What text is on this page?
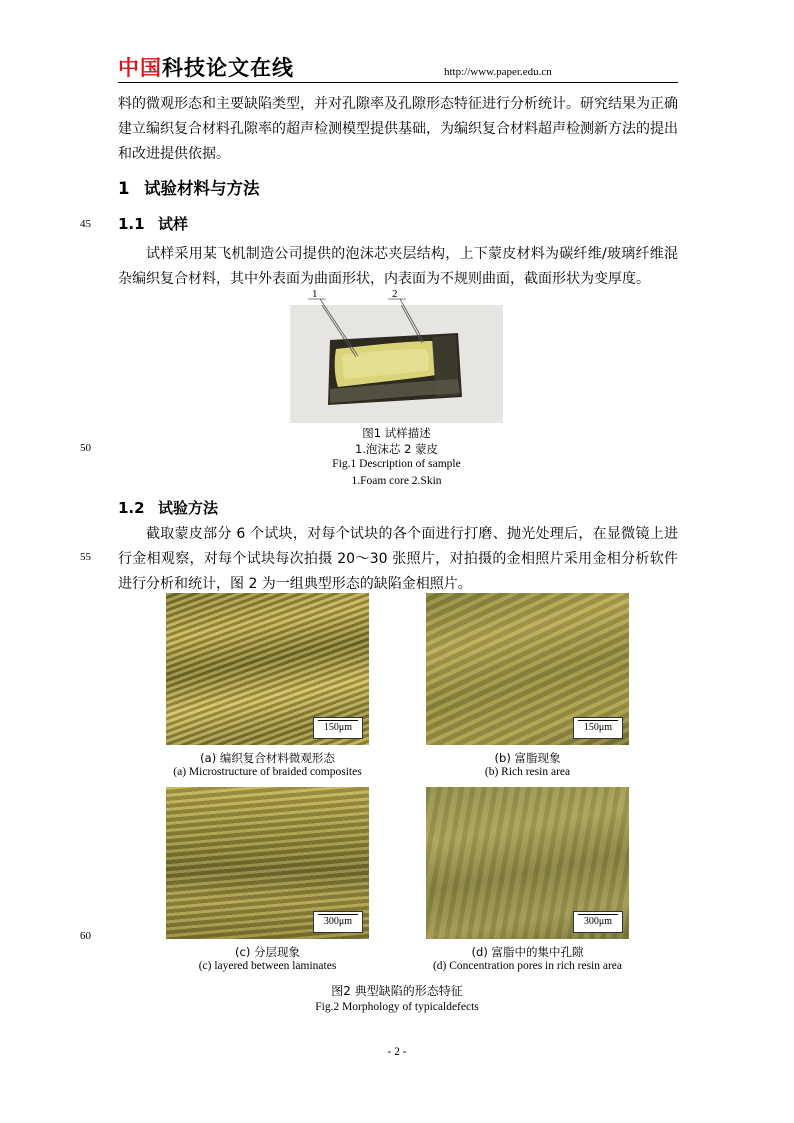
中国科技论文在线	http://www.paper.edu.cn
料的微观形态和主要缺陷类型，并对孔隙率及孔隙形态特征进行分析统计。研究结果为正确建立编织复合材料孔隙率的超声检测模型提供基础，为编织复合材料超声检测新方法的提出和改进提供依据。
1 试验材料与方法
45 1.1 试样
试样采用某飞机制造公司提供的泡沫芯夹层结构，上下蒙皮材料为碳纤维/玻璃纤维混杂编织复合材料，其中外表面为曲面形状，内表面为不规则曲面，截面形状为变厚度。
1	2
图1 试样描述
50	1.泡沫芯 2 蒙皮
Fig.1 Description of sample
1.Foam core 2.Skin
1.2 试验方法
55
截取蒙皮部分 6 个试块，对每个试块的各个面进行打磨、抛光处理后，在显微镜上进行金相观察，对每个试块每次拍摄 20～30 张照片，对拍摄的金相照片采用金相分析软件进行分析和统计，图 2 为一组典型形态的缺陷金相照片。
150μm	150μm
(a) 编织复合材料微观形态
(a) Microstructure of braided composites
(b) 富脂现象
(b) Rich resin area
300μm	300μm
60
(c) 分层现象
(c) layered between laminates
(d) 富脂中的集中孔隙
(d) Concentration pores in rich resin area
图2 典型缺陷的形态特征
Fig.2 Morphology of typicaldefects
- 2 -
